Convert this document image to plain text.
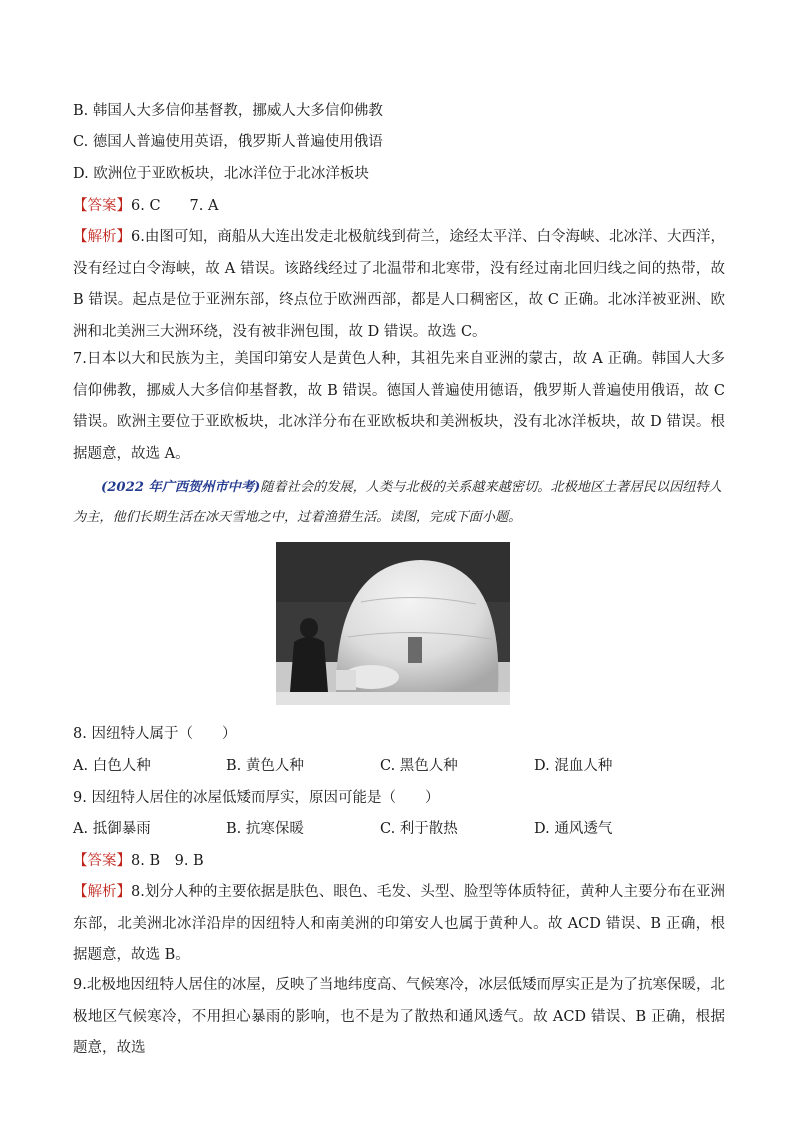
B. 韩国人大多信仰基督教，挪威人大多信仰佛教
C. 德国人普遍使用英语，俄罗斯人普遍使用俄语
D. 欧洲位于亚欧板块，北冰洋位于北冰洋板块
【答案】6. C　　7. A
【解析】6.由图可知，商船从大连出发走北极航线到荷兰，途经太平洋、白令海峡、北冰洋、大西洋，没有经过白令海峡，故 A 错误。该路线经过了北温带和北寒带，没有经过南北回归线之间的热带，故 B 错误。起点是位于亚洲东部，终点位于欧洲西部，都是人口稠密区，故 C 正确。北冰洋被亚洲、欧洲和北美洲三大洲环绕，没有被非洲包围，故 D 错误。故选 C。
7.日本以大和民族为主，美国印第安人是黄色人种，其祖先来自亚洲的蒙古，故 A 正确。韩国人大多信仰佛教，挪威人大多信仰基督教，故 B 错误。德国人普遍使用德语，俄罗斯人普遍使用俄语，故 C 错误。欧洲主要位于亚欧板块，北冰洋分布在亚欧板块和美洲板块，没有北冰洋板块，故 D 错误。根据题意，故选 A。
(2022 年广西贺州市中考)随着社会的发展，人类与北极的关系越来越密切。北极地区土著居民以因纽特人为主，他们长期生活在冰天雪地之中，过着渔猎生活。读图，完成下面小题。
8. 因纽特人属于（　　）
A. 白色人种	B. 黄色人种	C. 黑色人种	D. 混血人种
9. 因纽特人居住的冰屋低矮而厚实，原因可能是（　　）
A. 抵御暴雨	B. 抗寒保暖	C. 利于散热	D. 通风透气
【答案】8. B　9. B
【解析】8.划分人种的主要依据是肤色、眼色、毛发、头型、脸型等体质特征，黄种人主要分布在亚洲东部，北美洲北冰洋沿岸的因纽特人和南美洲的印第安人也属于黄种人。故 ACD 错误、B 正确，根据题意，故选 B。
9.北极地因纽特人居住的冰屋，反映了当地纬度高、气候寒冷，冰层低矮而厚实正是为了抗寒保暖，北极地区气候寒冷，不用担心暴雨的影响，也不是为了散热和通风透气。故 ACD 错误、B 正确，根据题意，故选
